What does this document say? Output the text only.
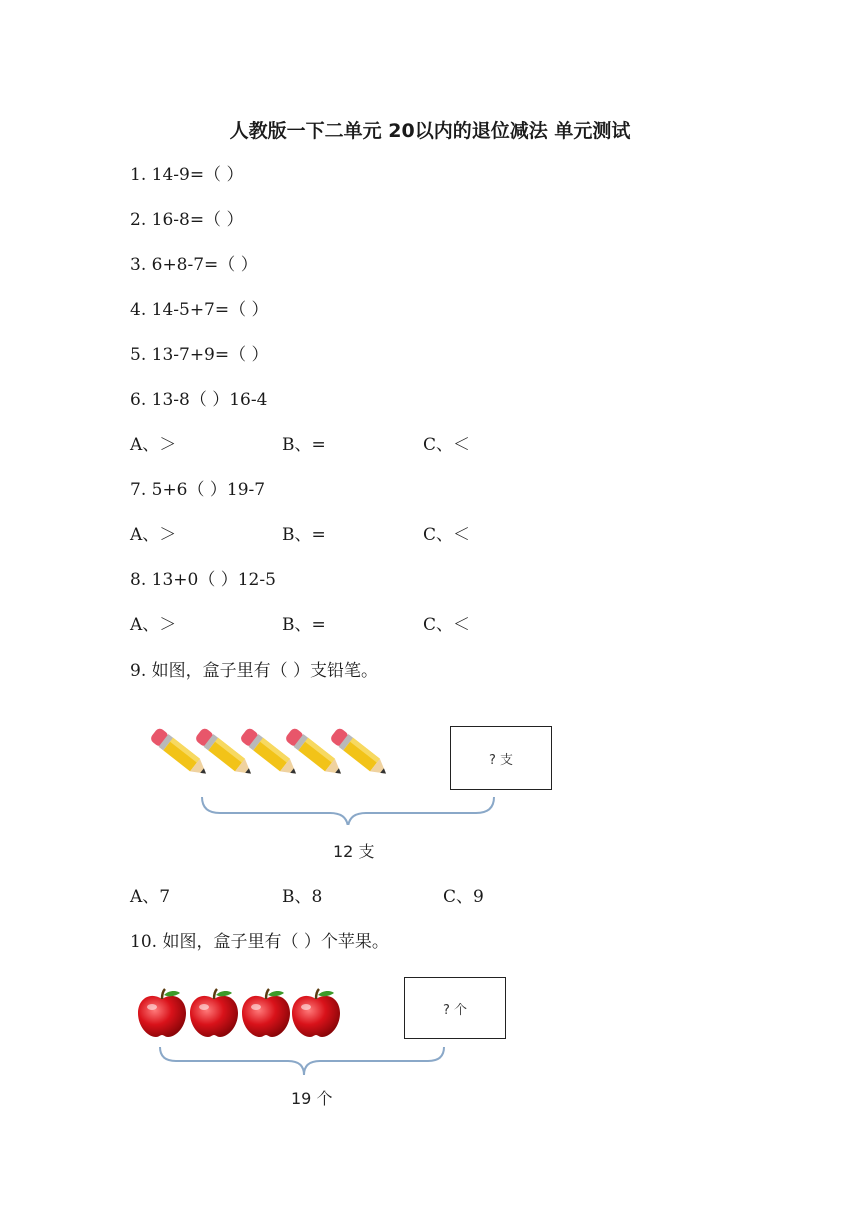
人教版一下二单元 20以内的退位减法 单元测试
1. 14-9=（ ）
2. 16-8=（ ）
3. 6+8-7=（ ）
4. 14-5+7=（ ）
5. 13-7+9=（ ）
6. 13-8（ ）16-4
A、＞	B、=	C、＜
7. 5+6（ ）19-7
A、＞	B、=	C、＜
8. 13+0（ ）12-5
A、＞	B、=	C、＜
9. 如图，盒子里有（ ）支铅笔。
? 支
12 支
A、7	B、8	C、9
10. 如图，盒子里有（ ）个苹果。
? 个
19 个
